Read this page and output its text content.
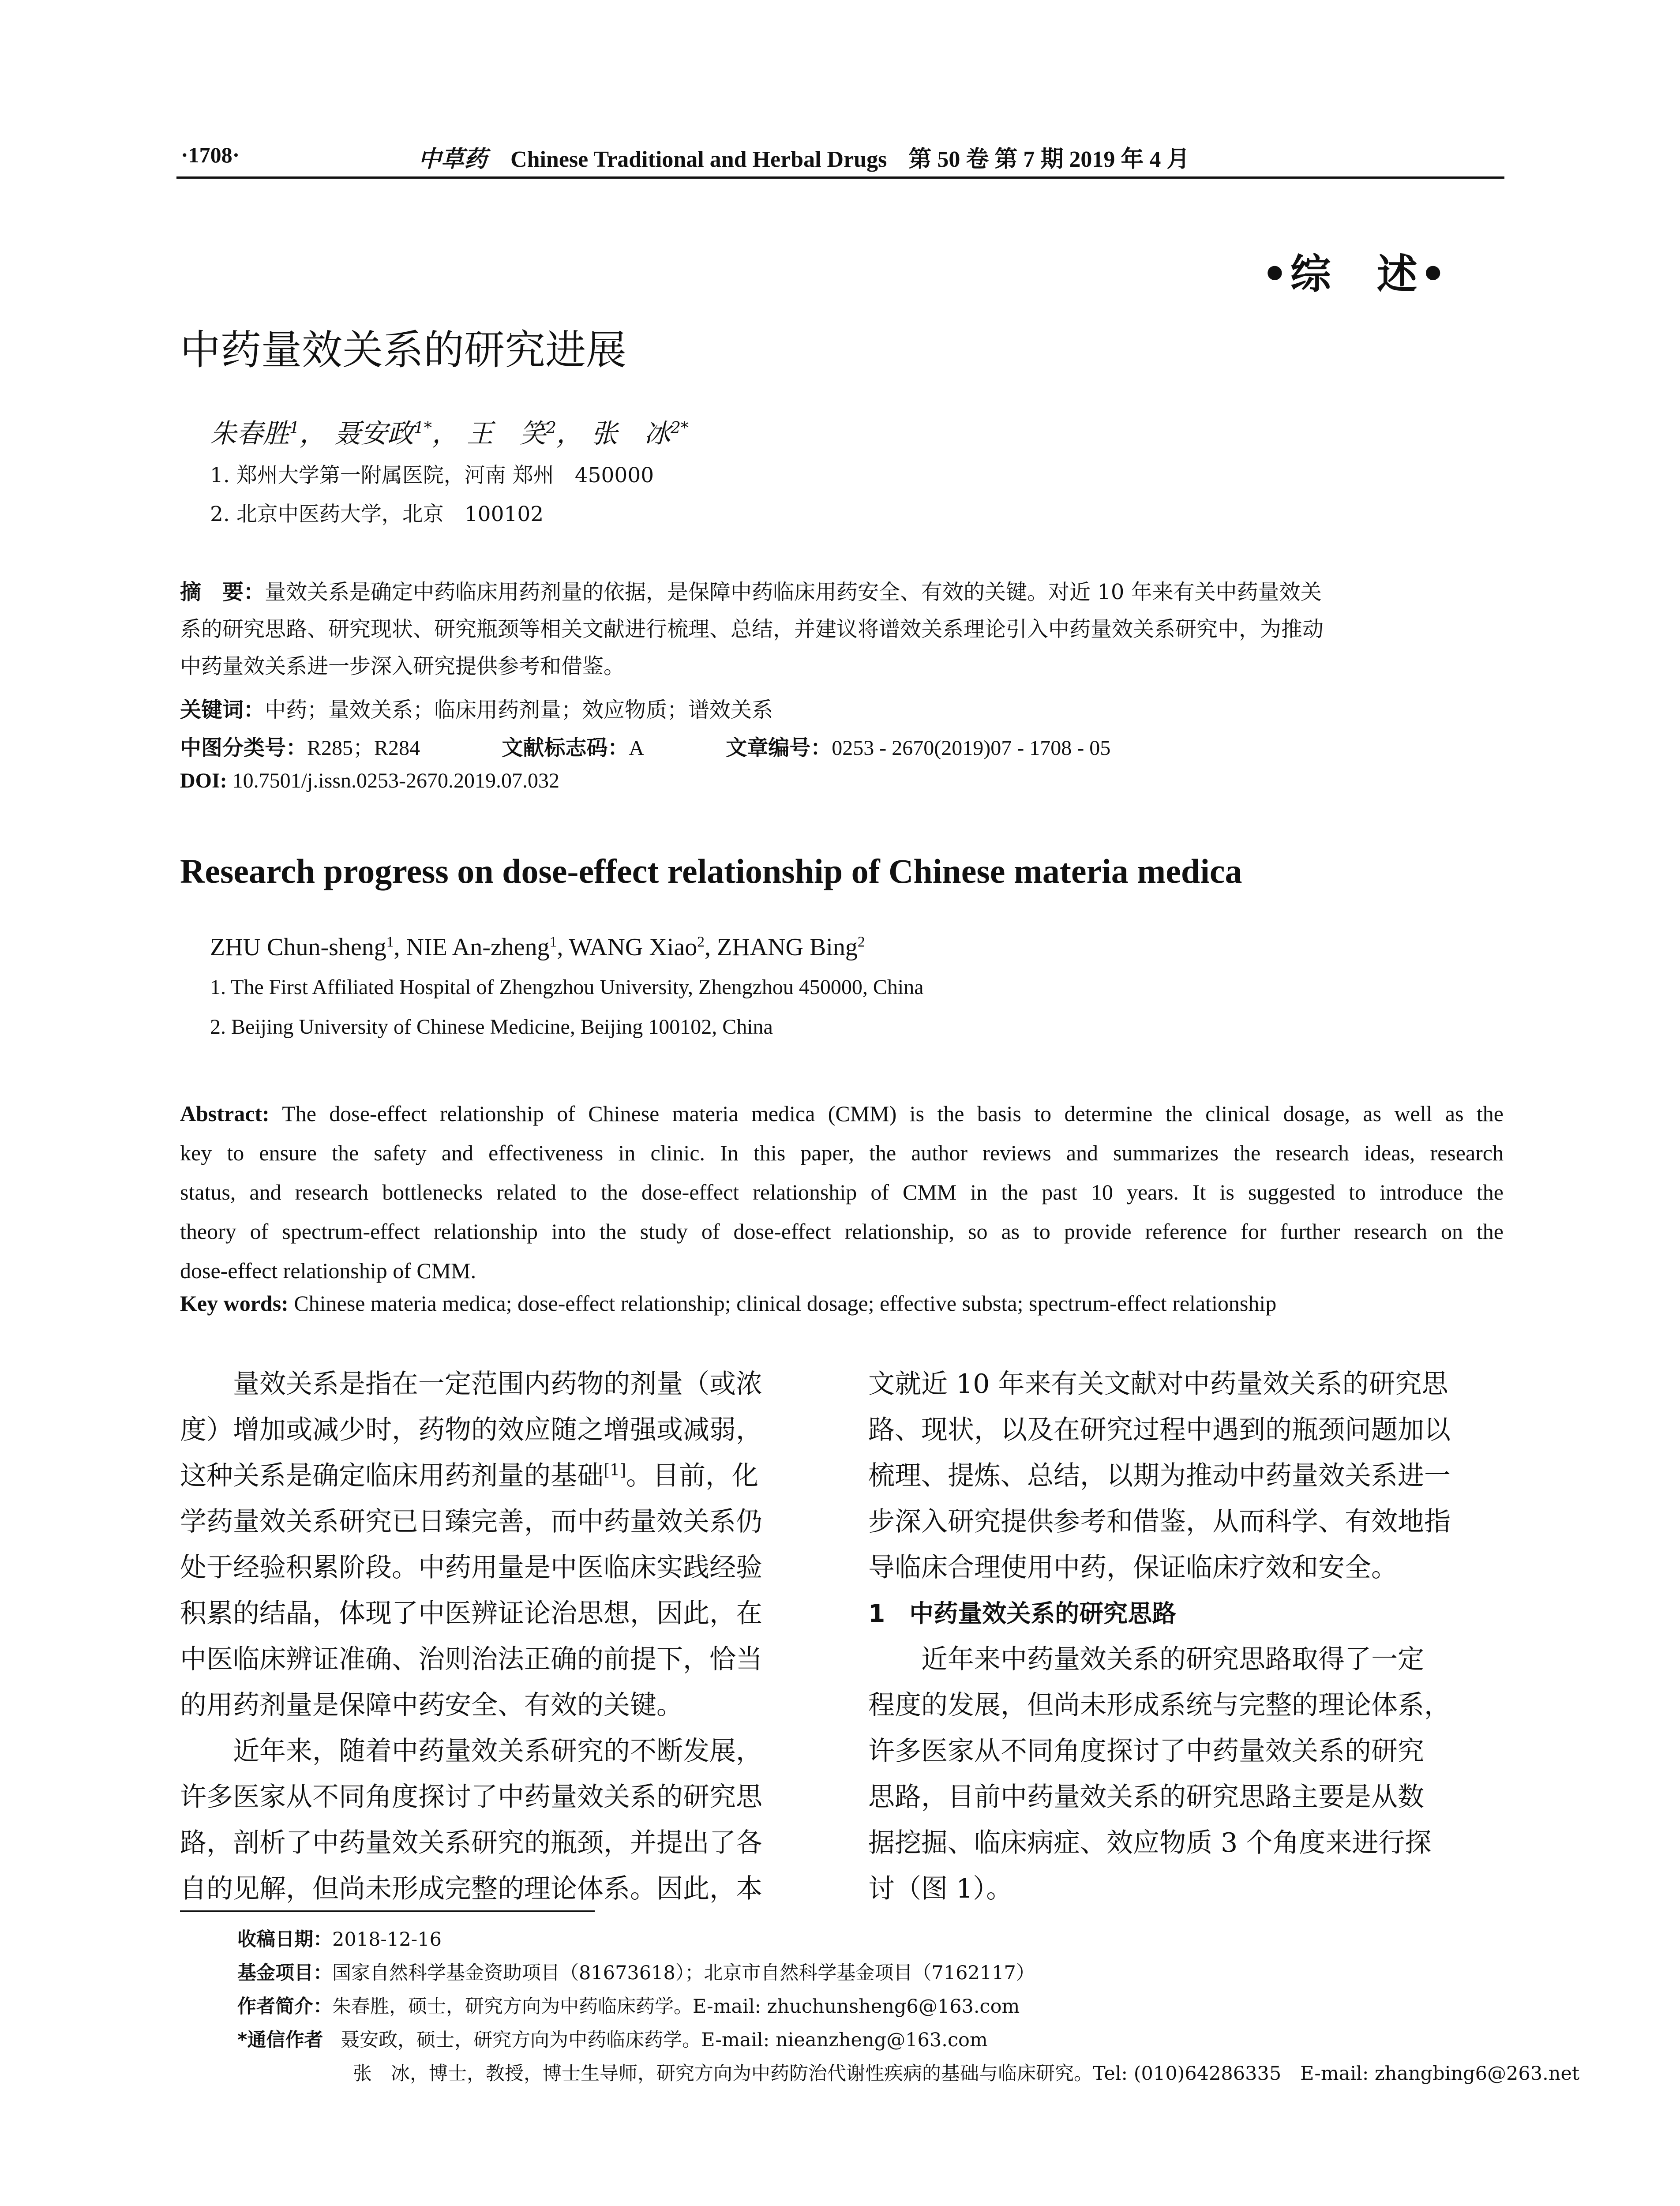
·1708·	中草药 Chinese Traditional and Herbal Drugs 第 50 卷 第 7 期 2019 年 4 月
•综　述•
中药量效关系的研究进展
朱春胜$^1$， 聂安政$^{1*}$， 王　笑$^2$， 张　冰$^{2*}$
1. 郑州大学第一附属医院，河南 郑州　450000
2. 北京中医药大学，北京　100102
摘　要：量效关系是确定中药临床用药剂量的依据，是保障中药临床用药安全、有效的关键。对近 10 年来有关中药量效关
系的研究思路、研究现状、研究瓶颈等相关文献进行梳理、总结，并建议将谱效关系理论引入中药量效关系研究中，为推动
中药量效关系进一步深入研究提供参考和借鉴。
关键词：中药；量效关系；临床用药剂量；效应物质；谱效关系
中图分类号：R285；R284	文献标志码：A	文章编号：0253 - 2670(2019)07 - 1708 - 05
DOI: 10.7501/j.issn.0253-2670.2019.07.032
Research progress on dose-effect relationship of Chinese materia medica
ZHU Chun-sheng$^1$, NIE An-zheng$^1$, WANG Xiao$^2$, ZHANG Bing$^2$
1. The First Affiliated Hospital of Zhengzhou University, Zhengzhou 450000, China
2. Beijing University of Chinese Medicine, Beijing 100102, China
Abstract: The dose-effect relationship of Chinese materia medica (CMM) is the basis to determine the clinical dosage, as well as the
key to ensure the safety and effectiveness in clinic. In this paper, the author reviews and summarizes the research ideas, research
status, and research bottlenecks related to the dose-effect relationship of CMM in the past 10 years. It is suggested to introduce the
theory of spectrum-effect relationship into the study of dose-effect relationship, so as to provide reference for further research on the
dose-effect relationship of CMM.
Key words: Chinese materia medica; dose-effect relationship; clinical dosage; effective substa; spectrum-effect relationship
　　量效关系是指在一定范围内药物的剂量（或浓
度）增加或减少时，药物的效应随之增强或减弱，
这种关系是确定临床用药剂量的基础[1]。目前，化
学药量效关系研究已日臻完善，而中药量效关系仍
处于经验积累阶段。中药用量是中医临床实践经验
积累的结晶，体现了中医辨证论治思想，因此，在
中医临床辨证准确、治则治法正确的前提下，恰当
的用药剂量是保障中药安全、有效的关键。
　　近年来，随着中药量效关系研究的不断发展，
许多医家从不同角度探讨了中药量效关系的研究思
路，剖析了中药量效关系研究的瓶颈，并提出了各
自的见解，但尚未形成完整的理论体系。因此，本
文就近 10 年来有关文献对中药量效关系的研究思
路、现状，以及在研究过程中遇到的瓶颈问题加以
梳理、提炼、总结，以期为推动中药量效关系进一
步深入研究提供参考和借鉴，从而科学、有效地指
导临床合理使用中药，保证临床疗效和安全。
1　中药量效关系的研究思路
　　近年来中药量效关系的研究思路取得了一定
程度的发展，但尚未形成系统与完整的理论体系，
许多医家从不同角度探讨了中药量效关系的研究
思路，目前中药量效关系的研究思路主要是从数
据挖掘、临床病症、效应物质 3 个角度来进行探
讨（图 1）。
收稿日期：2018-12-16
基金项目：国家自然科学基金资助项目（81673618）；北京市自然科学基金项目（7162117）
作者简介：朱春胜，硕士，研究方向为中药临床药学。E-mail: zhuchunsheng6@163.com
*通信作者 聂安政，硕士，研究方向为中药临床药学。E-mail: nieanzheng@163.com
张　冰，博士，教授，博士生导师，研究方向为中药防治代谢性疾病的基础与临床研究。Tel: (010)64286335　E-mail: zhangbing6@263.net
